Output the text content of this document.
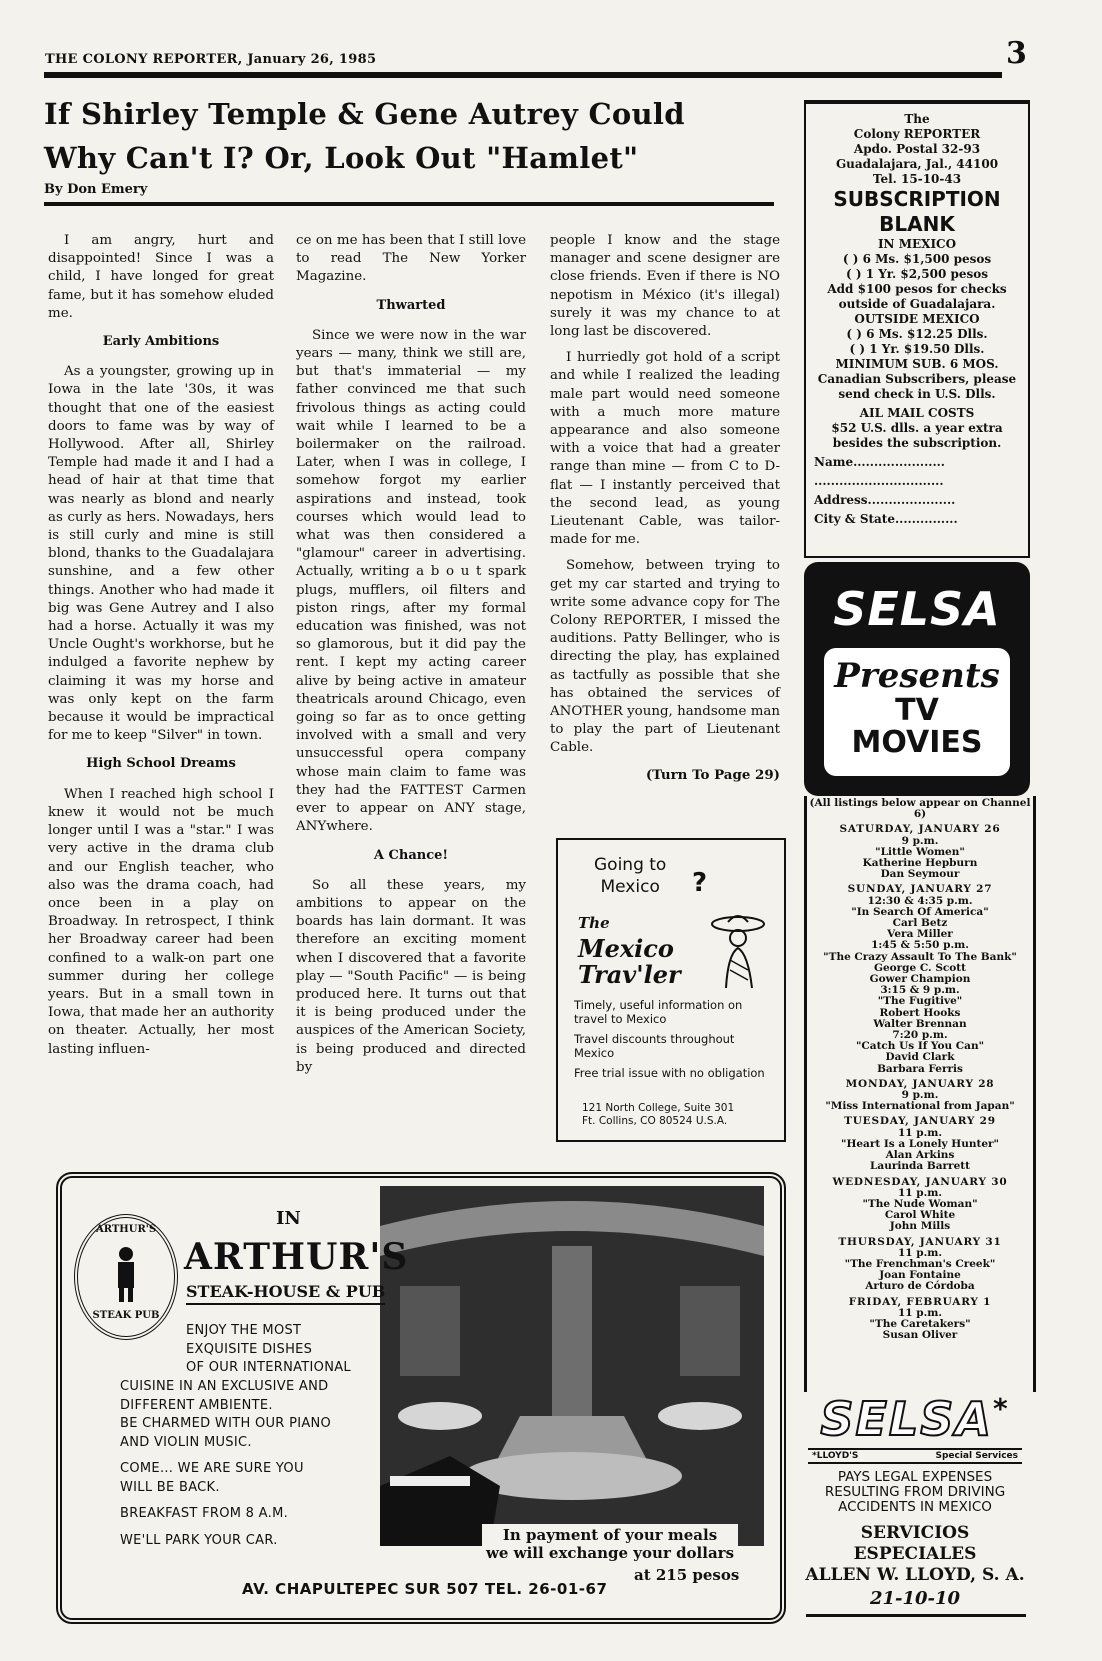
THE COLONY REPORTER, January 26, 1985	3
If Shirley Temple & Gene Autrey Could
Why Can't I? Or, Look Out "Hamlet"
By Don Emery

I am angry, hurt and disappointed! Since I was a child, I have longed for great fame, but it has somehow eluded me.

Early Ambitions

As a youngster, growing up in Iowa in the late '30s, it was thought that one of the easiest doors to fame was by way of Hollywood. After all, Shirley Temple had made it and I had a head of hair at that time that was nearly as blond and nearly as curly as hers. Nowadays, hers is still curly and mine is still blond, thanks to the Guadalajara sunshine, and a few other things. Another who had made it big was Gene Autrey and I also had a horse. Actually it was my Uncle Ought's workhorse, but he indulged a favorite nephew by claiming it was my horse and was only kept on the farm because it would be impractical for me to keep "Silver" in town.

High School Dreams

When I reached high school I knew it would not be much longer until I was a "star." I was very active in the drama club and our English teacher, who also was the drama coach, had once been in a play on Broadway. In retrospect, I think her Broadway career had been confined to a walk-on part one summer during her college years. But in a small town in Iowa, that made her an authority on theater. Actually, her most lasting influen-

ce on me has been that I still love to read The New Yorker Magazine.

Thwarted

Since we were now in the war years — many, think we still are, but that's immaterial — my father convinced me that such frivolous things as acting could wait while I learned to be a boilermaker on the railroad. Later, when I was in college, I somehow forgot my earlier aspirations and instead, took courses which would lead to what was then considered a "glamour" career in advertising. Actually, writing a b o u t spark plugs, mufflers, oil filters and piston rings, after my formal education was finished, was not so glamorous, but it did pay the rent. I kept my acting career alive by being active in amateur theatricals around Chicago, even going so far as to once getting involved with a small and very unsuccessful opera company whose main claim to fame was they had the FATTEST Carmen ever to appear on ANY stage, ANYwhere.

A Chance!

So all these years, my ambitions to appear on the boards has lain dormant. It was therefore an exciting moment when I discovered that a favorite play — "South Pacific" — is being produced here. It turns out that it is being produced under the auspices of the American Society, is being produced and directed by

people I know and the stage manager and scene designer are close friends. Even if there is NO nepotism in México (it's illegal) surely it was my chance to at long last be discovered.

I hurriedly got hold of a script and while I realized the leading male part would need someone with a much more mature appearance and also someone with a voice that had a greater range than mine — from C to D-flat — I instantly perceived that the second lead, as young Lieutenant Cable, was tailor-made for me.

Somehow, between trying to get my car started and trying to write some advance copy for The Colony REPORTER, I missed the auditions. Patty Bellinger, who is directing the play, has explained as tactfully as possible that she has obtained the services of ANOTHER young, handsome man to play the part of Lieutenant Cable.

(Turn To Page 29)
The
Colony REPORTER
Apdo. Postal 32-93
Guadalajara, Jal., 44100
Tel. 15-10-43
SUBSCRIPTION
BLANK
IN MEXICO
( ) 6 Ms. $1,500 pesos
( ) 1 Yr. $2,500 pesos
Add $100 pesos for checks outside of Guadalajara.
OUTSIDE MEXICO
( ) 6 Ms. $12.25 Dlls.
( ) 1 Yr. $19.50 Dlls.
MINIMUM SUB. 6 MOS.
Canadian Subscribers, please send check in U.S. Dlls.
AIL MAIL COSTS
$52 U.S. dlls. a year extra besides the subscription.
Name......................
...............................
Address.....................
City & State...............
SELSA
Presents
TV
MOVIES
(All listings below appear on Channel 6)
SATURDAY, JANUARY 26
9 p.m.
"Little Women"
Katherine Hepburn
Dan Seymour
SUNDAY, JANUARY 27
12:30 & 4:35 p.m.
"In Search Of America"
Carl Betz
Vera Miller
1:45 & 5:50 p.m.
"The Crazy Assault To The Bank"
George C. Scott
Gower Champion
3:15 & 9 p.m.
"The Fugitive"
Robert Hooks
Walter Brennan
7:20 p.m.
"Catch Us If You Can"
David Clark
Barbara Ferris
MONDAY, JANUARY 28
9 p.m.
"Miss International from Japan"
TUESDAY, JANUARY 29
11 p.m.
"Heart Is a Lonely Hunter"
Alan Arkins
Laurinda Barrett
WEDNESDAY, JANUARY 30
11 p.m.
"The Nude Woman"
Carol White
John Mills
THURSDAY, JANUARY 31
11 p.m.
"The Frenchman's Creek"
Joan Fontaine
Arturo de Córdoba
FRIDAY, FEBRUARY 1
11 p.m.
"The Caretakers"
Susan Oliver
SELSA*
*LLOYD'S	Special Services
PAYS LEGAL EXPENSES
RESULTING FROM DRIVING
ACCIDENTS IN MEXICO
SERVICIOS ESPECIALES
ALLEN W. LLOYD, S. A.
21-10-10
Going to
Mexico ?
The
Mexico
Trav'ler
Timely, useful information on travel to Mexico
Travel discounts throughout Mexico
Free trial issue with no obligation
121 North College, Suite 301
Ft. Collins, CO 80524 U.S.A.
ARTHUR'S
STEAK PUB
IN
ARTHUR'S
STEAK-HOUSE & PUB
ENJOY THE MOST
EXQUISITE DISHES
OF OUR INTERNATIONAL
CUISINE IN AN EXCLUSIVE AND
DIFFERENT AMBIENTE.
BE CHARMED WITH OUR PIANO
AND VIOLIN MUSIC.
COME... WE ARE SURE YOU
WILL BE BACK.
BREAKFAST FROM 8 A.M.
WE'LL PARK YOUR CAR.	In payment of your meals
we will exchange your dollars
at 215 pesos
AV. CHAPULTEPEC SUR 507 TEL. 26-01-67
